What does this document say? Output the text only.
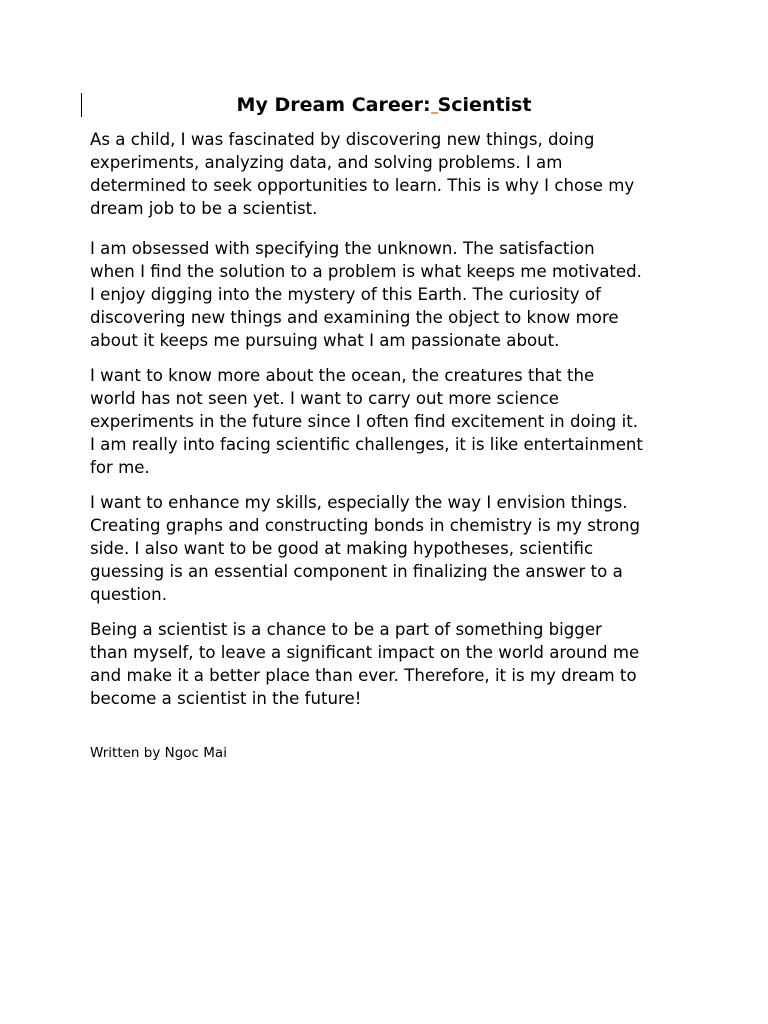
My Dream Career: Scientist

As a child, I was fascinated by discovering new things, doing
experiments, analyzing data, and solving problems. I am
determined to seek opportunities to learn. This is why I chose my
dream job to be a scientist.

I am obsessed with specifying the unknown. The satisfaction
when I find the solution to a problem is what keeps me motivated.
I enjoy digging into the mystery of this Earth. The curiosity of
discovering new things and examining the object to know more
about it keeps me pursuing what I am passionate about.

I want to know more about the ocean, the creatures that the
world has not seen yet. I want to carry out more science
experiments in the future since I often find excitement in doing it.
I am really into facing scientific challenges, it is like entertainment
for me.

I want to enhance my skills, especially the way I envision things.
Creating graphs and constructing bonds in chemistry is my strong
side. I also want to be good at making hypotheses, scientific
guessing is an essential component in finalizing the answer to a
question.

Being a scientist is a chance to be a part of something bigger
than myself, to leave a significant impact on the world around me
and make it a better place than ever. Therefore, it is my dream to
become a scientist in the future!

Written by Ngoc Mai
